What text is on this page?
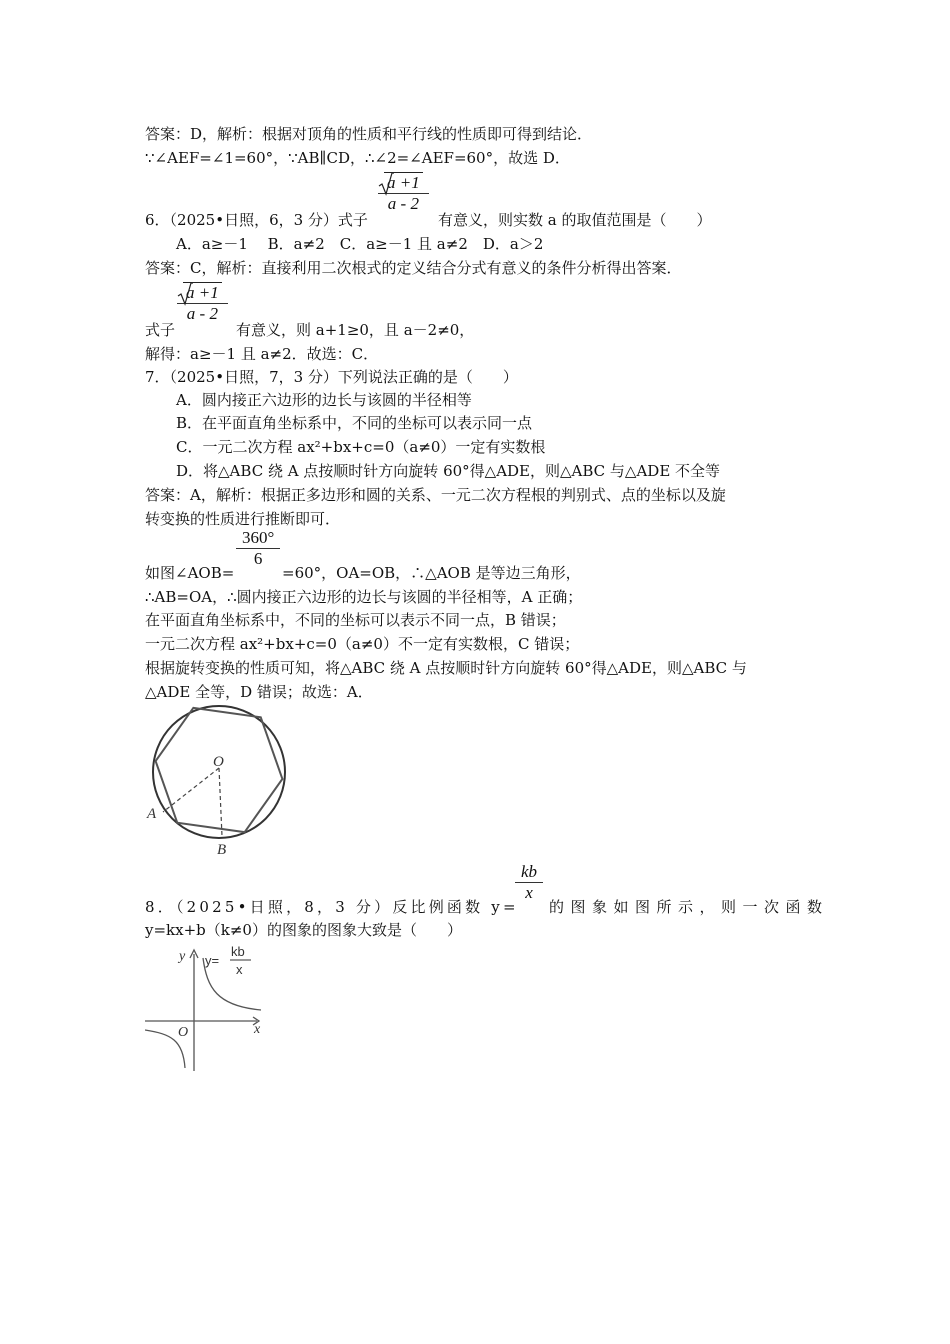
答案：D，解析：根据对顶角的性质和平行线的性质即可得到结论．
∵∠AEF=∠1=60°，∵AB∥CD，∴∠2=∠AEF=60°，故选 D．
a +1
a - 2
6．（2025•日照，6，3 分）式子	有意义，则实数 a 的取值范围是（　　）
A．a≥－1　 B．a≠2　C．a≥－1 且 a≠2　D．a＞2
答案：C，解析：直接利用二次根式的定义结合分式有意义的条件分析得出答案．
a +1
a - 2
式子	有意义，则 a+1≥0，且 a－2≠0，
解得：a≥－1 且 a≠2．故选：C．
7．（2025•日照，7，3 分）下列说法正确的是（　　）
A．圆内接正六边形的边长与该圆的半径相等
B．在平面直角坐标系中，不同的坐标可以表示同一点
C．一元二次方程 ax²+bx+c=0（a≠0）一定有实数根
D．将△ABC 绕 A 点按顺时针方向旋转 60°得△ADE，则△ABC 与△ADE 不全等
答案：A，解析：根据正多边形和圆的关系、一元二次方程根的判别式、点的坐标以及旋
转变换的性质进行推断即可．
360°
6
如图∠AOB=	=60°，OA=OB，∴△AOB 是等边三角形，
∴AB=OA，∴圆内接正六边形的边长与该圆的半径相等，A 正确；
在平面直角坐标系中，不同的坐标可以表示不同一点，B 错误；
一元二次方程 ax²+bx+c=0（a≠0）不一定有实数根，C 错误；
根据旋转变换的性质可知，将△ABC 绕 A 点按顺时针方向旋转 60°得△ADE，则△ABC 与
△ADE 全等，D 错误；故选：A．
O
A
B
kb
x
8．（2025•日照，8，3 分）反比例函数 y= 的图象如图所示，则一次函数
y=kx+b（k≠0）的图象的图象大致是（　　）
y
x
O
y=
kb
x
